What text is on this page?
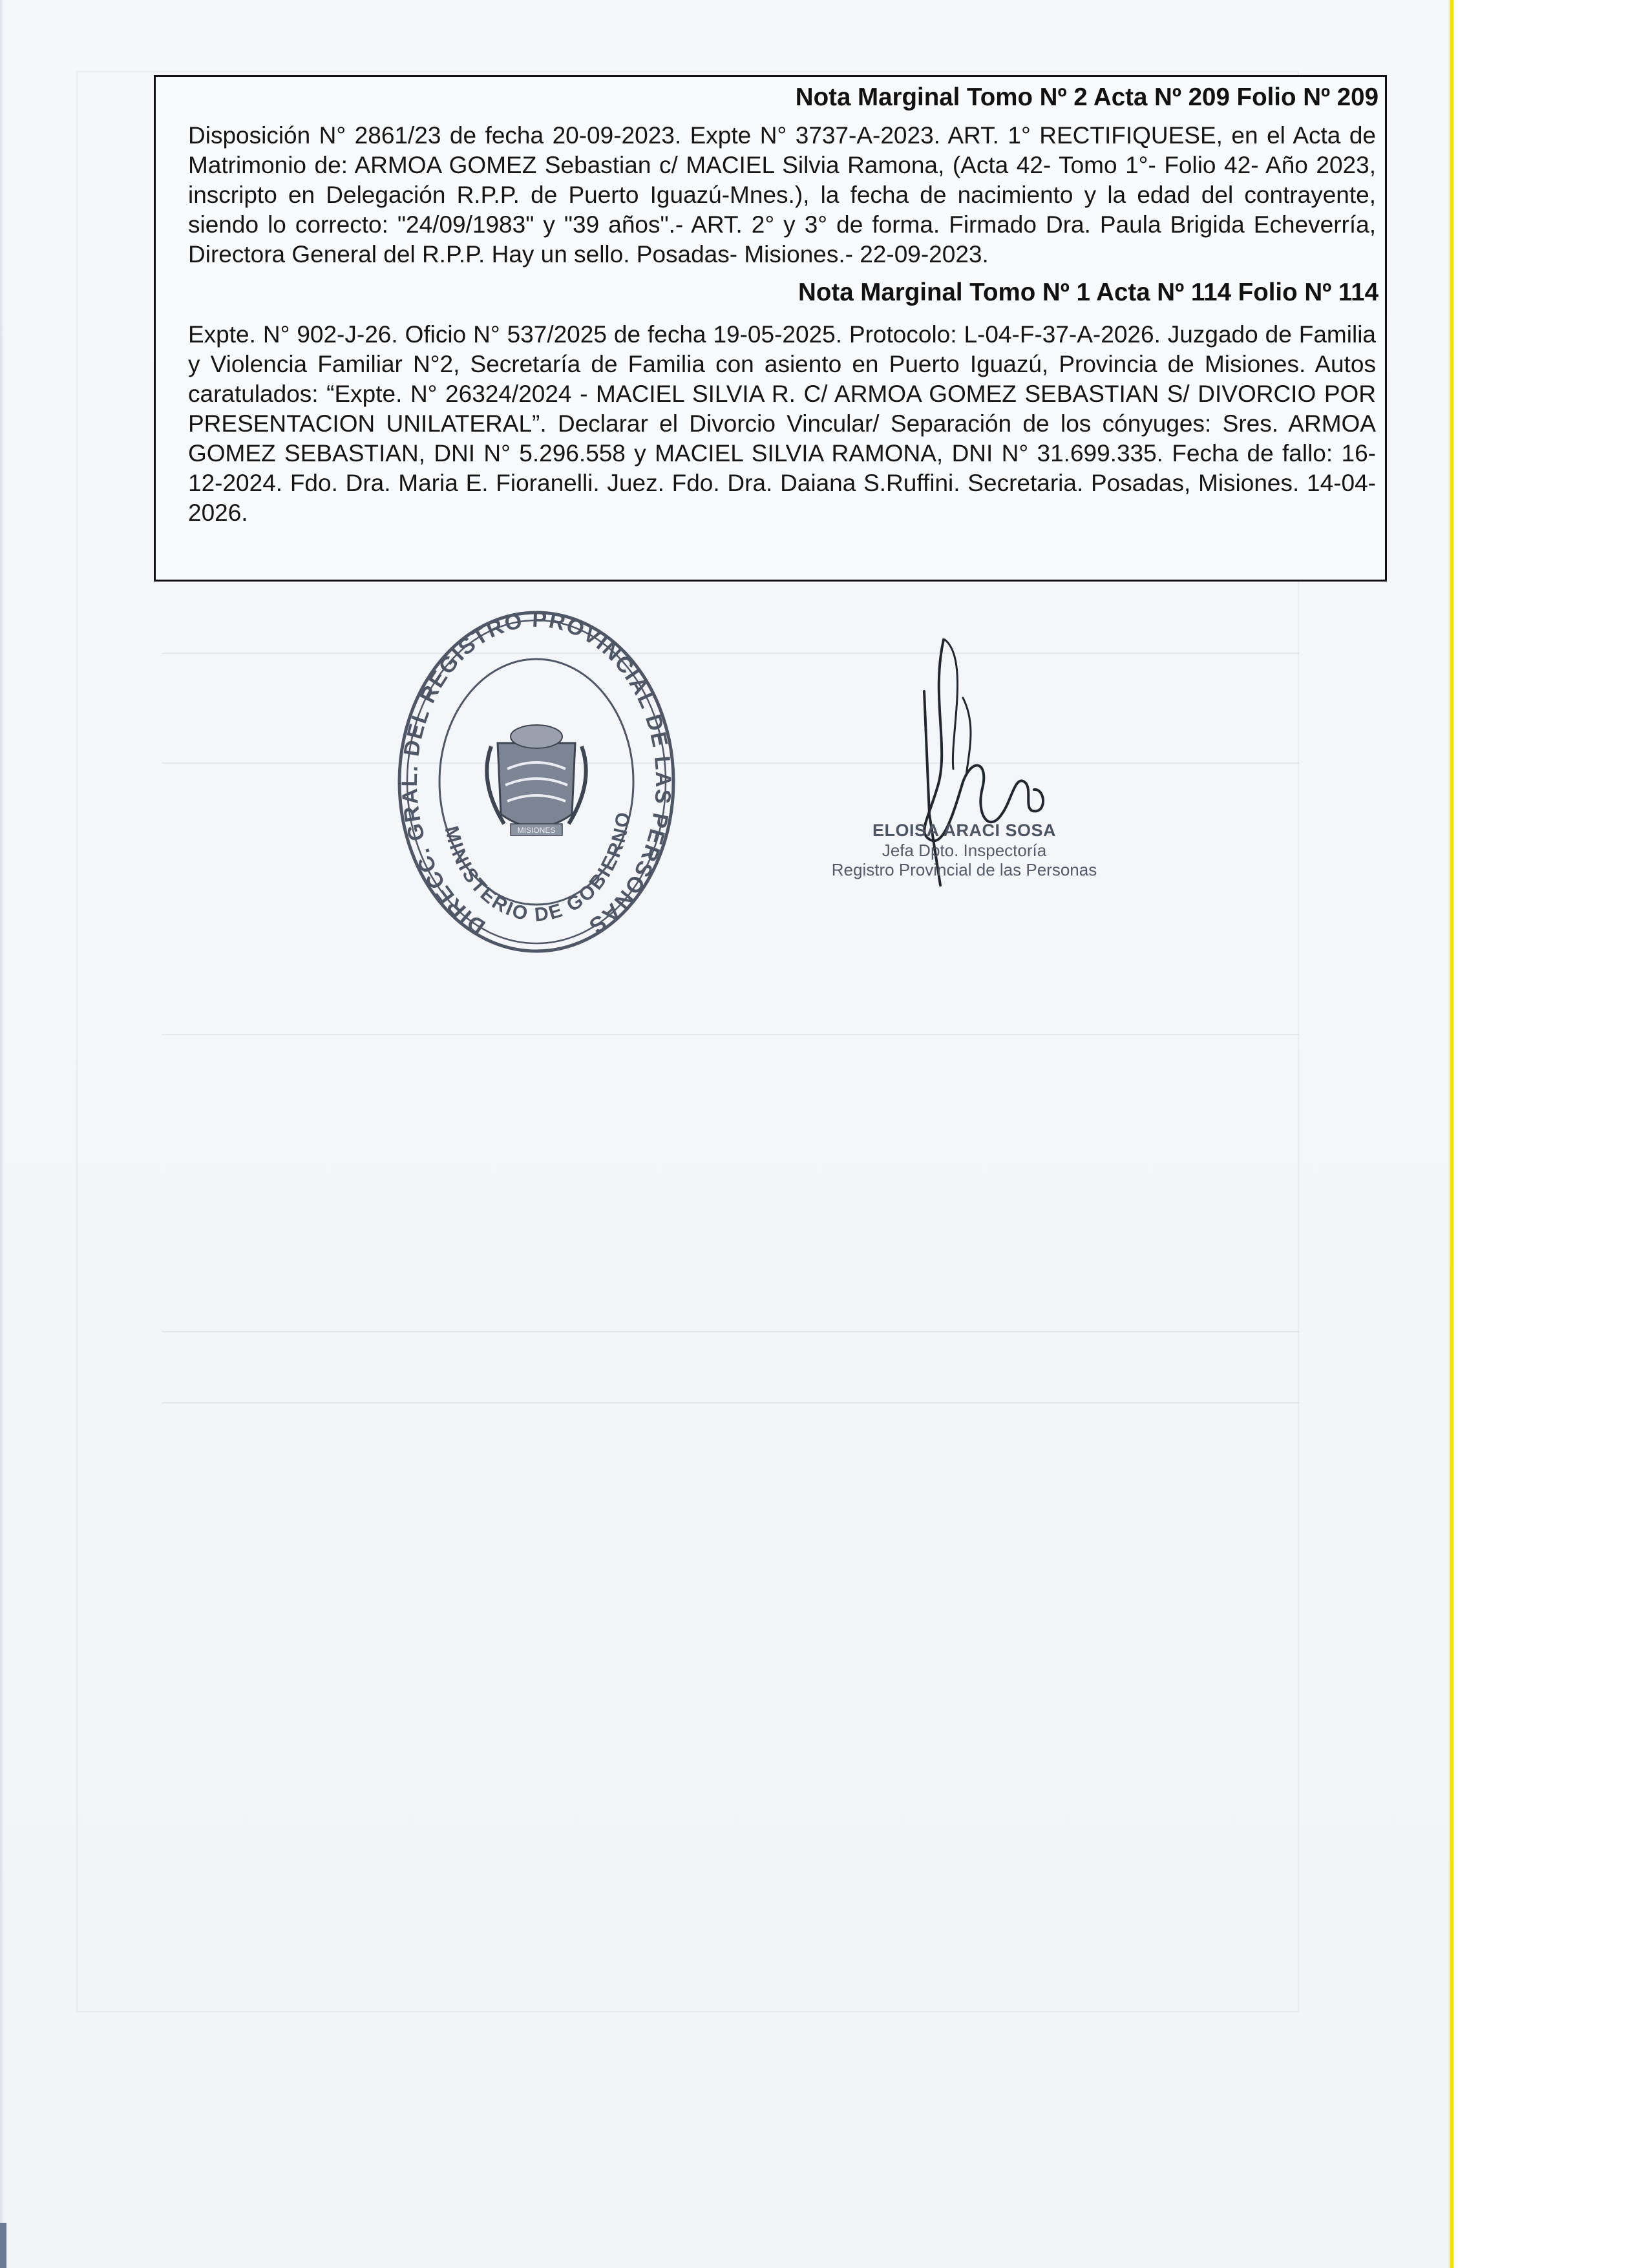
Nota Marginal Tomo Nº 2 Acta Nº 209 Folio Nº 209

Disposición N° 2861/23 de fecha 20-09-2023. Expte N° 3737-A-2023. ART. 1° RECTIFIQUESE, en el Acta de Matrimonio de: ARMOA GOMEZ Sebastian c/ MACIEL Silvia Ramona, (Acta 42- Tomo 1°- Folio 42- Año 2023, inscripto en Delegación R.P.P. de Puerto Iguazú-Mnes.), la fecha de nacimiento y la edad del contrayente, siendo lo correcto: "24/09/1983" y "39 años".- ART. 2° y 3° de forma. Firmado Dra. Paula Brigida Echeverría, Directora General del R.P.P. Hay un sello. Posadas- Misiones.- 22-09-2023.

Nota Marginal Tomo Nº 1 Acta Nº 114 Folio Nº 114

Expte. N° 902-J-26. Oficio N° 537/2025 de fecha 19-05-2025. Protocolo: L-04-F-37-A-2026. Juzgado de Familia y Violencia Familiar N°2, Secretaría de Familia con asiento en Puerto Iguazú, Provincia de Misiones. Autos caratulados: “Expte. N° 26324/2024 - MACIEL SILVIA R. C/ ARMOA GOMEZ SEBASTIAN S/ DIVORCIO POR PRESENTACION UNILATERAL”. Declarar el Divorcio Vincular/ Separación de los cónyuges: Sres. ARMOA GOMEZ SEBASTIAN, DNI N° 5.296.558 y MACIEL SILVIA RAMONA, DNI N° 31.699.335. Fecha de fallo: 16-12-2024. Fdo. Dra. Maria E. Fioranelli. Juez. Fdo. Dra. Daiana S.Ruffini. Secretaria. Posadas, Misiones. 14-04-2026.

DIRECC. GRAL. DEL REGISTRO PROVINCIAL DE LAS PERSONAS
MINISTERIO DE GOBIERNO
MISIONES	ELOISA ARACI SOSA
Jefa Dpto. Inspectoría
Registro Provincial de las Personas
